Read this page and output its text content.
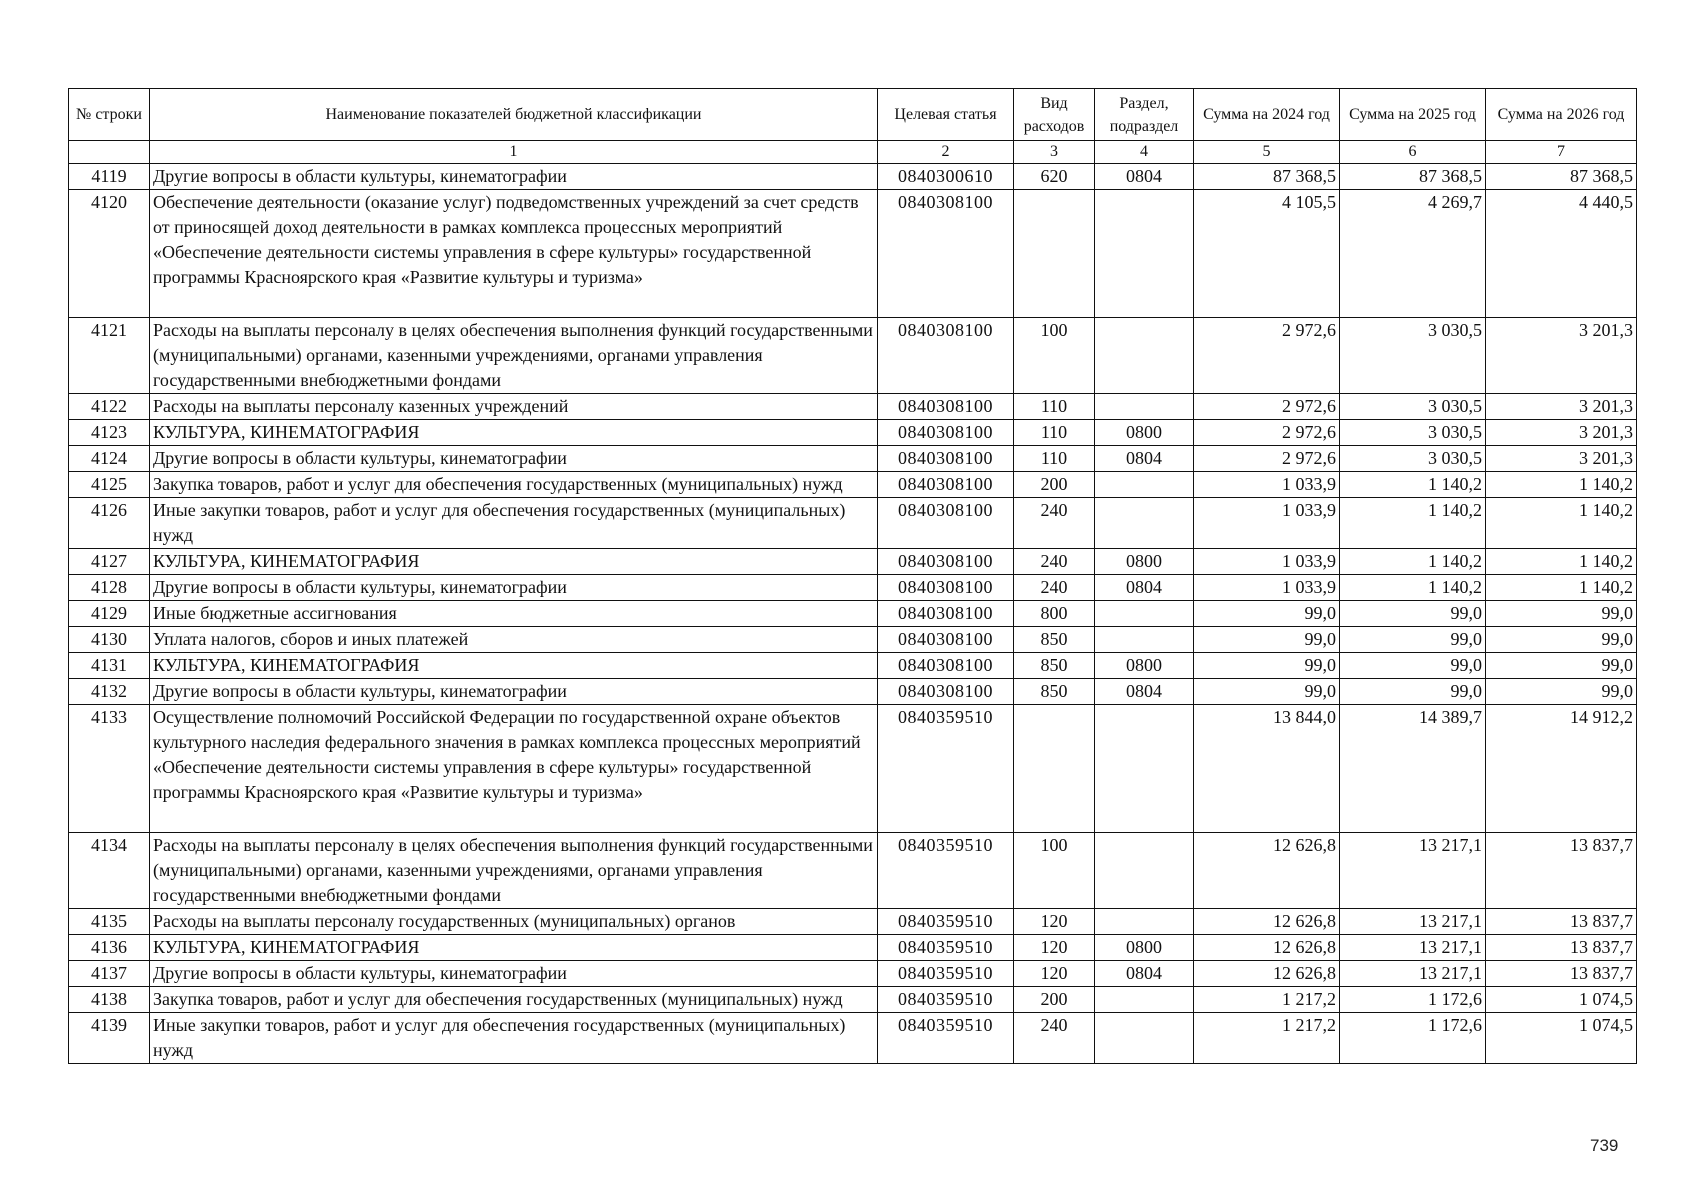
№ строки	Наименование показателей бюджетной классификации	Целевая статья	Вид расходов	Раздел, подраздел	Сумма на 2024 год	Сумма на 2025 год	Сумма на 2026 год
	1	2	3	4	5	6	7
4119	Другие вопросы в области культуры, кинематографии	0840300610	620	0804	87 368,5	87 368,5	87 368,5
4120	Обеспечение деятельности (оказание услуг) подведомственных учреждений за счет средств от приносящей доход деятельности в рамках комплекса процессных мероприятий «Обеспечение деятельности системы управления в сфере культуры» государственной программы Красноярского края «Развитие культуры и туризма»	0840308100			4 105,5	4 269,7	4 440,5
4121	Расходы на выплаты персоналу в целях обеспечения выполнения функций государственными (муниципальными) органами, казенными учреждениями, органами управления государственными внебюджетными фондами	0840308100	100		2 972,6	3 030,5	3 201,3
4122	Расходы на выплаты персоналу казенных учреждений	0840308100	110		2 972,6	3 030,5	3 201,3
4123	КУЛЬТУРА, КИНЕМАТОГРАФИЯ	0840308100	110	0800	2 972,6	3 030,5	3 201,3
4124	Другие вопросы в области культуры, кинематографии	0840308100	110	0804	2 972,6	3 030,5	3 201,3
4125	Закупка товаров, работ и услуг для обеспечения государственных (муниципальных) нужд	0840308100	200		1 033,9	1 140,2	1 140,2
4126	Иные закупки товаров, работ и услуг для обеспечения государственных (муниципальных) нужд	0840308100	240		1 033,9	1 140,2	1 140,2
4127	КУЛЬТУРА, КИНЕМАТОГРАФИЯ	0840308100	240	0800	1 033,9	1 140,2	1 140,2
4128	Другие вопросы в области культуры, кинематографии	0840308100	240	0804	1 033,9	1 140,2	1 140,2
4129	Иные бюджетные ассигнования	0840308100	800		99,0	99,0	99,0
4130	Уплата налогов, сборов и иных платежей	0840308100	850		99,0	99,0	99,0
4131	КУЛЬТУРА, КИНЕМАТОГРАФИЯ	0840308100	850	0800	99,0	99,0	99,0
4132	Другие вопросы в области культуры, кинематографии	0840308100	850	0804	99,0	99,0	99,0
4133	Осуществление полномочий Российской Федерации по государственной охране объектов культурного наследия федерального значения в рамках комплекса процессных мероприятий «Обеспечение деятельности системы управления в сфере культуры» государственной программы Красноярского края «Развитие культуры и туризма»	0840359510			13 844,0	14 389,7	14 912,2
4134	Расходы на выплаты персоналу в целях обеспечения выполнения функций государственными (муниципальными) органами, казенными учреждениями, органами управления государственными внебюджетными фондами	0840359510	100		12 626,8	13 217,1	13 837,7
4135	Расходы на выплаты персоналу государственных (муниципальных) органов	0840359510	120		12 626,8	13 217,1	13 837,7
4136	КУЛЬТУРА, КИНЕМАТОГРАФИЯ	0840359510	120	0800	12 626,8	13 217,1	13 837,7
4137	Другие вопросы в области культуры, кинематографии	0840359510	120	0804	12 626,8	13 217,1	13 837,7
4138	Закупка товаров, работ и услуг для обеспечения государственных (муниципальных) нужд	0840359510	200		1 217,2	1 172,6	1 074,5
4139	Иные закупки товаров, работ и услуг для обеспечения государственных (муниципальных) нужд	0840359510	240		1 217,2	1 172,6	1 074,5
739
